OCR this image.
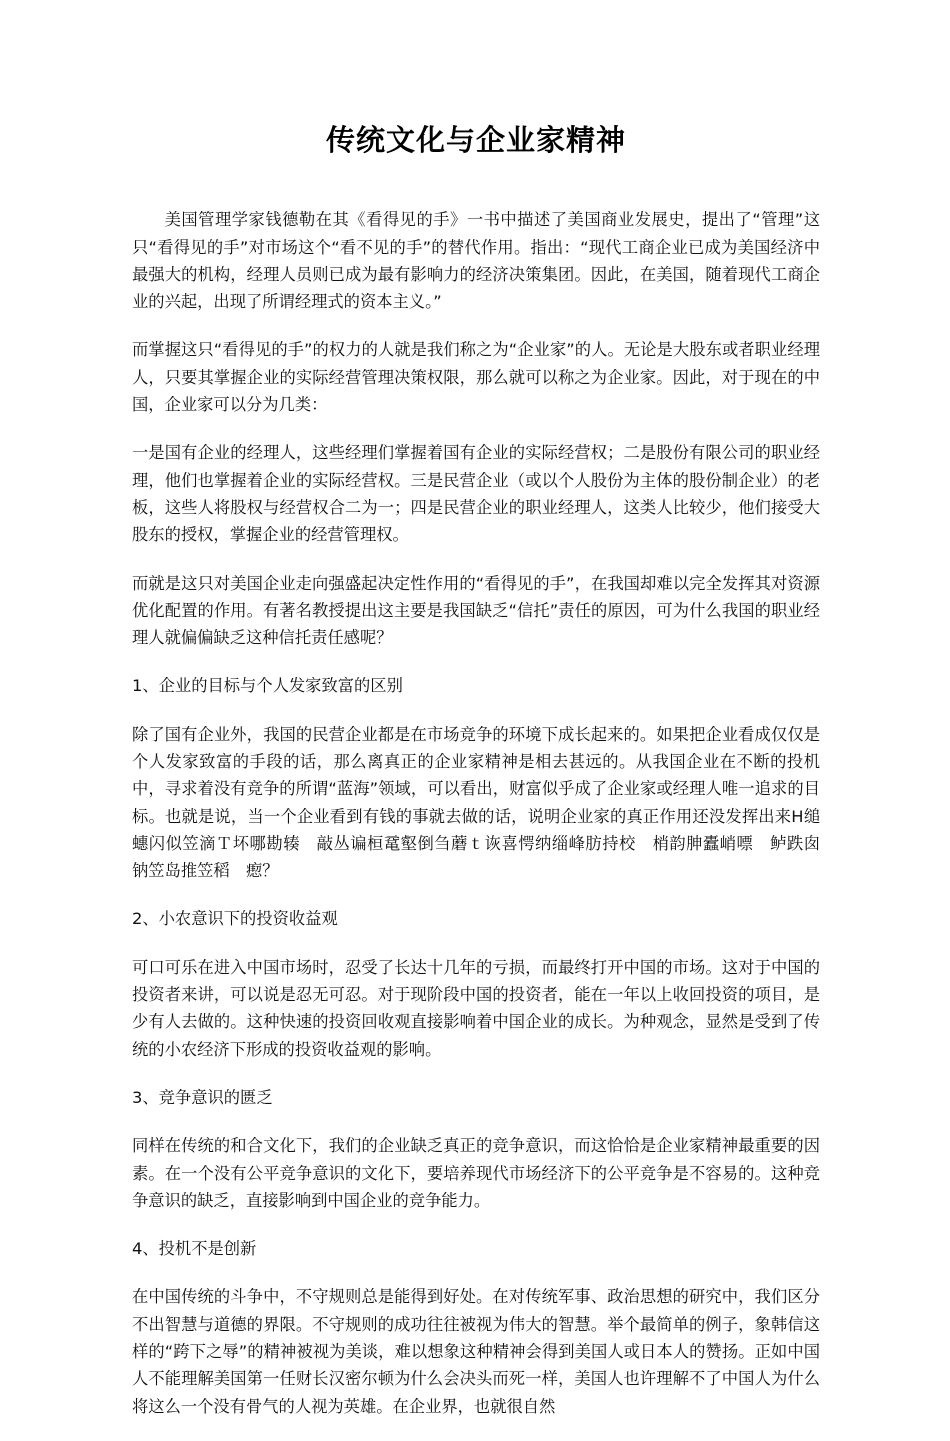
传统文化与企业家精神

美国管理学家钱德勒在其《看得见的手》一书中描述了美国商业发展史，提出了“管理”这只“看得见的手”对市场这个“看不见的手”的替代作用。指出：“现代工商企业已成为美国经济中最强大的机构，经理人员则已成为最有影响力的经济决策集团。因此，在美国，随着现代工商企业的兴起，出现了所谓经理式的资本主义。”

而掌握这只“看得见的手”的权力的人就是我们称之为“企业家”的人。无论是大股东或者职业经理人，只要其掌握企业的实际经营管理决策权限，那么就可以称之为企业家。因此，对于现在的中国，企业家可以分为几类：

一是国有企业的经理人，这些经理们掌握着国有企业的实际经营权；二是股份有限公司的职业经理，他们也掌握着企业的实际经营权。三是民营企业（或以个人股份为主体的股份制企业）的老板，这些人将股权与经营权合二为一；四是民营企业的职业经理人，这类人比较少，他们接受大股东的授权，掌握企业的经营管理权。

而就是这只对美国企业走向强盛起决定性作用的“看得见的手”，在我国却难以完全发挥其对资源优化配置的作用。有著名教授提出这主要是我国缺乏“信托”责任的原因，可为什么我国的职业经理人就偏偏缺乏这种信托责任感呢？

1、企业的目标与个人发家致富的区别

除了国有企业外，我国的民营企业都是在市场竞争的环境下成长起来的。如果把企业看成仅仅是个人发家致富的手段的话，那么离真正的企业家精神是相去甚远的。从我国企业在不断的投机中，寻求着没有竞争的所谓“蓝海”领域，可以看出，财富似乎成了企业家或经理人唯一追求的目标。也就是说，当一个企业看到有钱的事就去做的话，说明企业家的真正作用还没发挥出来H缒　蟪闪似笠滴Ｔ坏哪勘辏　敲丛谝桓鼋壑倒刍蘑ｔ诙喜愕纳缁峰肪持校　梢韵胂蠹峭嘌　鲈跌囱　钠笠岛推笠稻　瘛？

2、小农意识下的投资收益观

可口可乐在进入中国市场时，忍受了长达十几年的亏损，而最终打开中国的市场。这对于中国的投资者来讲，可以说是忍无可忍。对于现阶段中国的投资者，能在一年以上收回投资的项目，是少有人去做的。这种快速的投资回收观直接影响着中国企业的成长。为种观念，显然是受到了传统的小农经济下形成的投资收益观的影响。

3、竞争意识的匮乏

同样在传统的和合文化下，我们的企业缺乏真正的竞争意识，而这恰恰是企业家精神最重要的因素。在一个没有公平竞争意识的文化下，要培养现代市场经济下的公平竞争是不容易的。这种竞争意识的缺乏，直接影响到中国企业的竞争能力。

4、投机不是创新

在中国传统的斗争中，不守规则总是能得到好处。在对传统军事、政治思想的研究中，我们区分不出智慧与道德的界限。不守规则的成功往往被视为伟大的智慧。举个最简单的例子，象韩信这样的“跨下之辱”的精神被视为美谈，难以想象这种精神会得到美国人或日本人的赞扬。正如中国人不能理解美国第一任财长汉密尔顿为什么会决头而死一样，美国人也许理解不了中国人为什么将这么一个没有骨气的人视为英雄。在企业界，也就很自然
